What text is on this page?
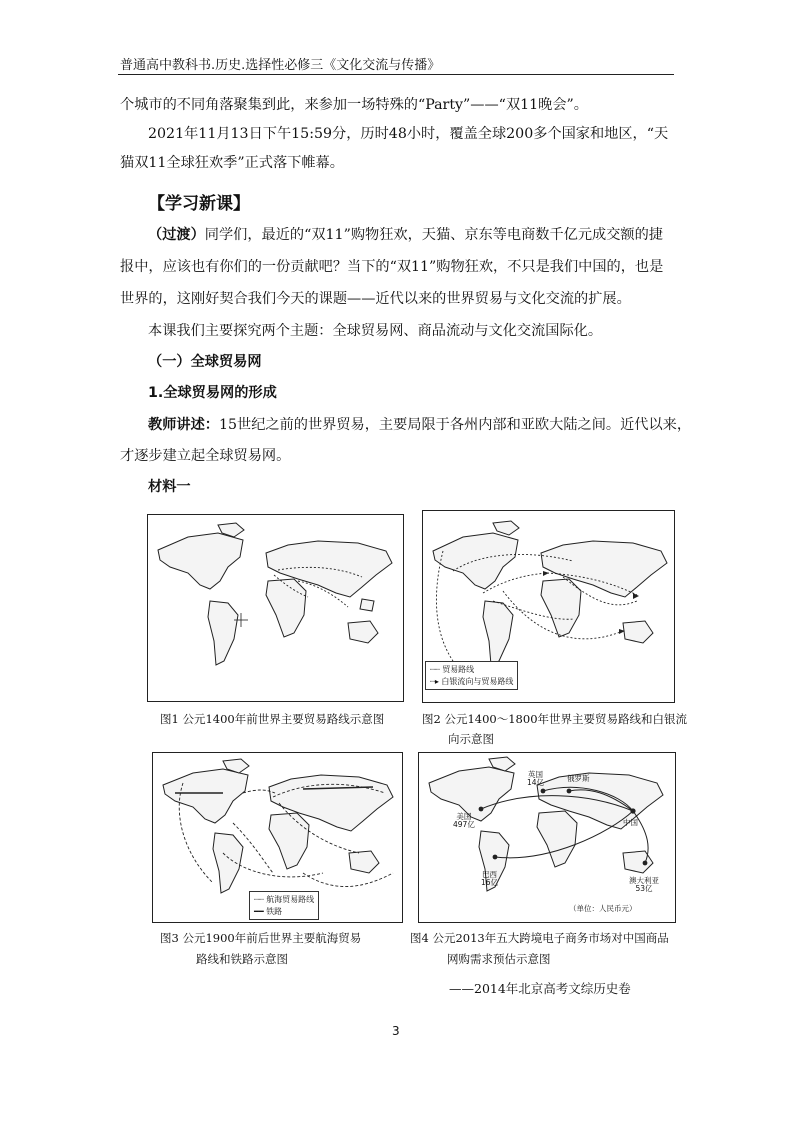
普通高中教科书.历史.选择性必修三《文化交流与传播》
个城市的不同角落聚集到此，来参加一场特殊的“Party”——“双11晚会”。
2021年11月13日下午15:59分，历时48小时，覆盖全球200多个国家和地区，“天
猫双11全球狂欢季”正式落下帷幕。
【学习新课】
（过渡）同学们，最近的“双11”购物狂欢，天猫、京东等电商数千亿元成交额的捷
报中，应该也有你们的一份贡献吧？当下的“双11”购物狂欢，不只是我们中国的，也是
世界的，这刚好契合我们今天的课题——近代以来的世界贸易与文化交流的扩展。
本课我们主要探究两个主题：全球贸易网、商品流动与文化交流国际化。
（一）全球贸易网
1.全球贸易网的形成
教师讲述：15世纪之前的世界贸易，主要局限于各州内部和亚欧大陆之间。近代以来，
才逐步建立起全球贸易网。
材料一
┈┈ 贸易路线
┈▸ 白银流向与贸易路线
图1 公元1400年前世界主要贸易路线示意图	图2 公元1400～1800年世界主要贸易路线和白银流
向示意图
┈┈ 航海贸易路线
━━ 铁路
美国
497亿
英国
14亿	俄罗斯
中国
巴西
16亿	澳大利亚
53亿
（单位：人民币元）
图3 公元1900年前后世界主要航海贸易
路线和铁路示意图
图4 公元2013年五大跨境电子商务市场对中国商品
网购需求预估示意图
——2014年北京高考文综历史卷
3
